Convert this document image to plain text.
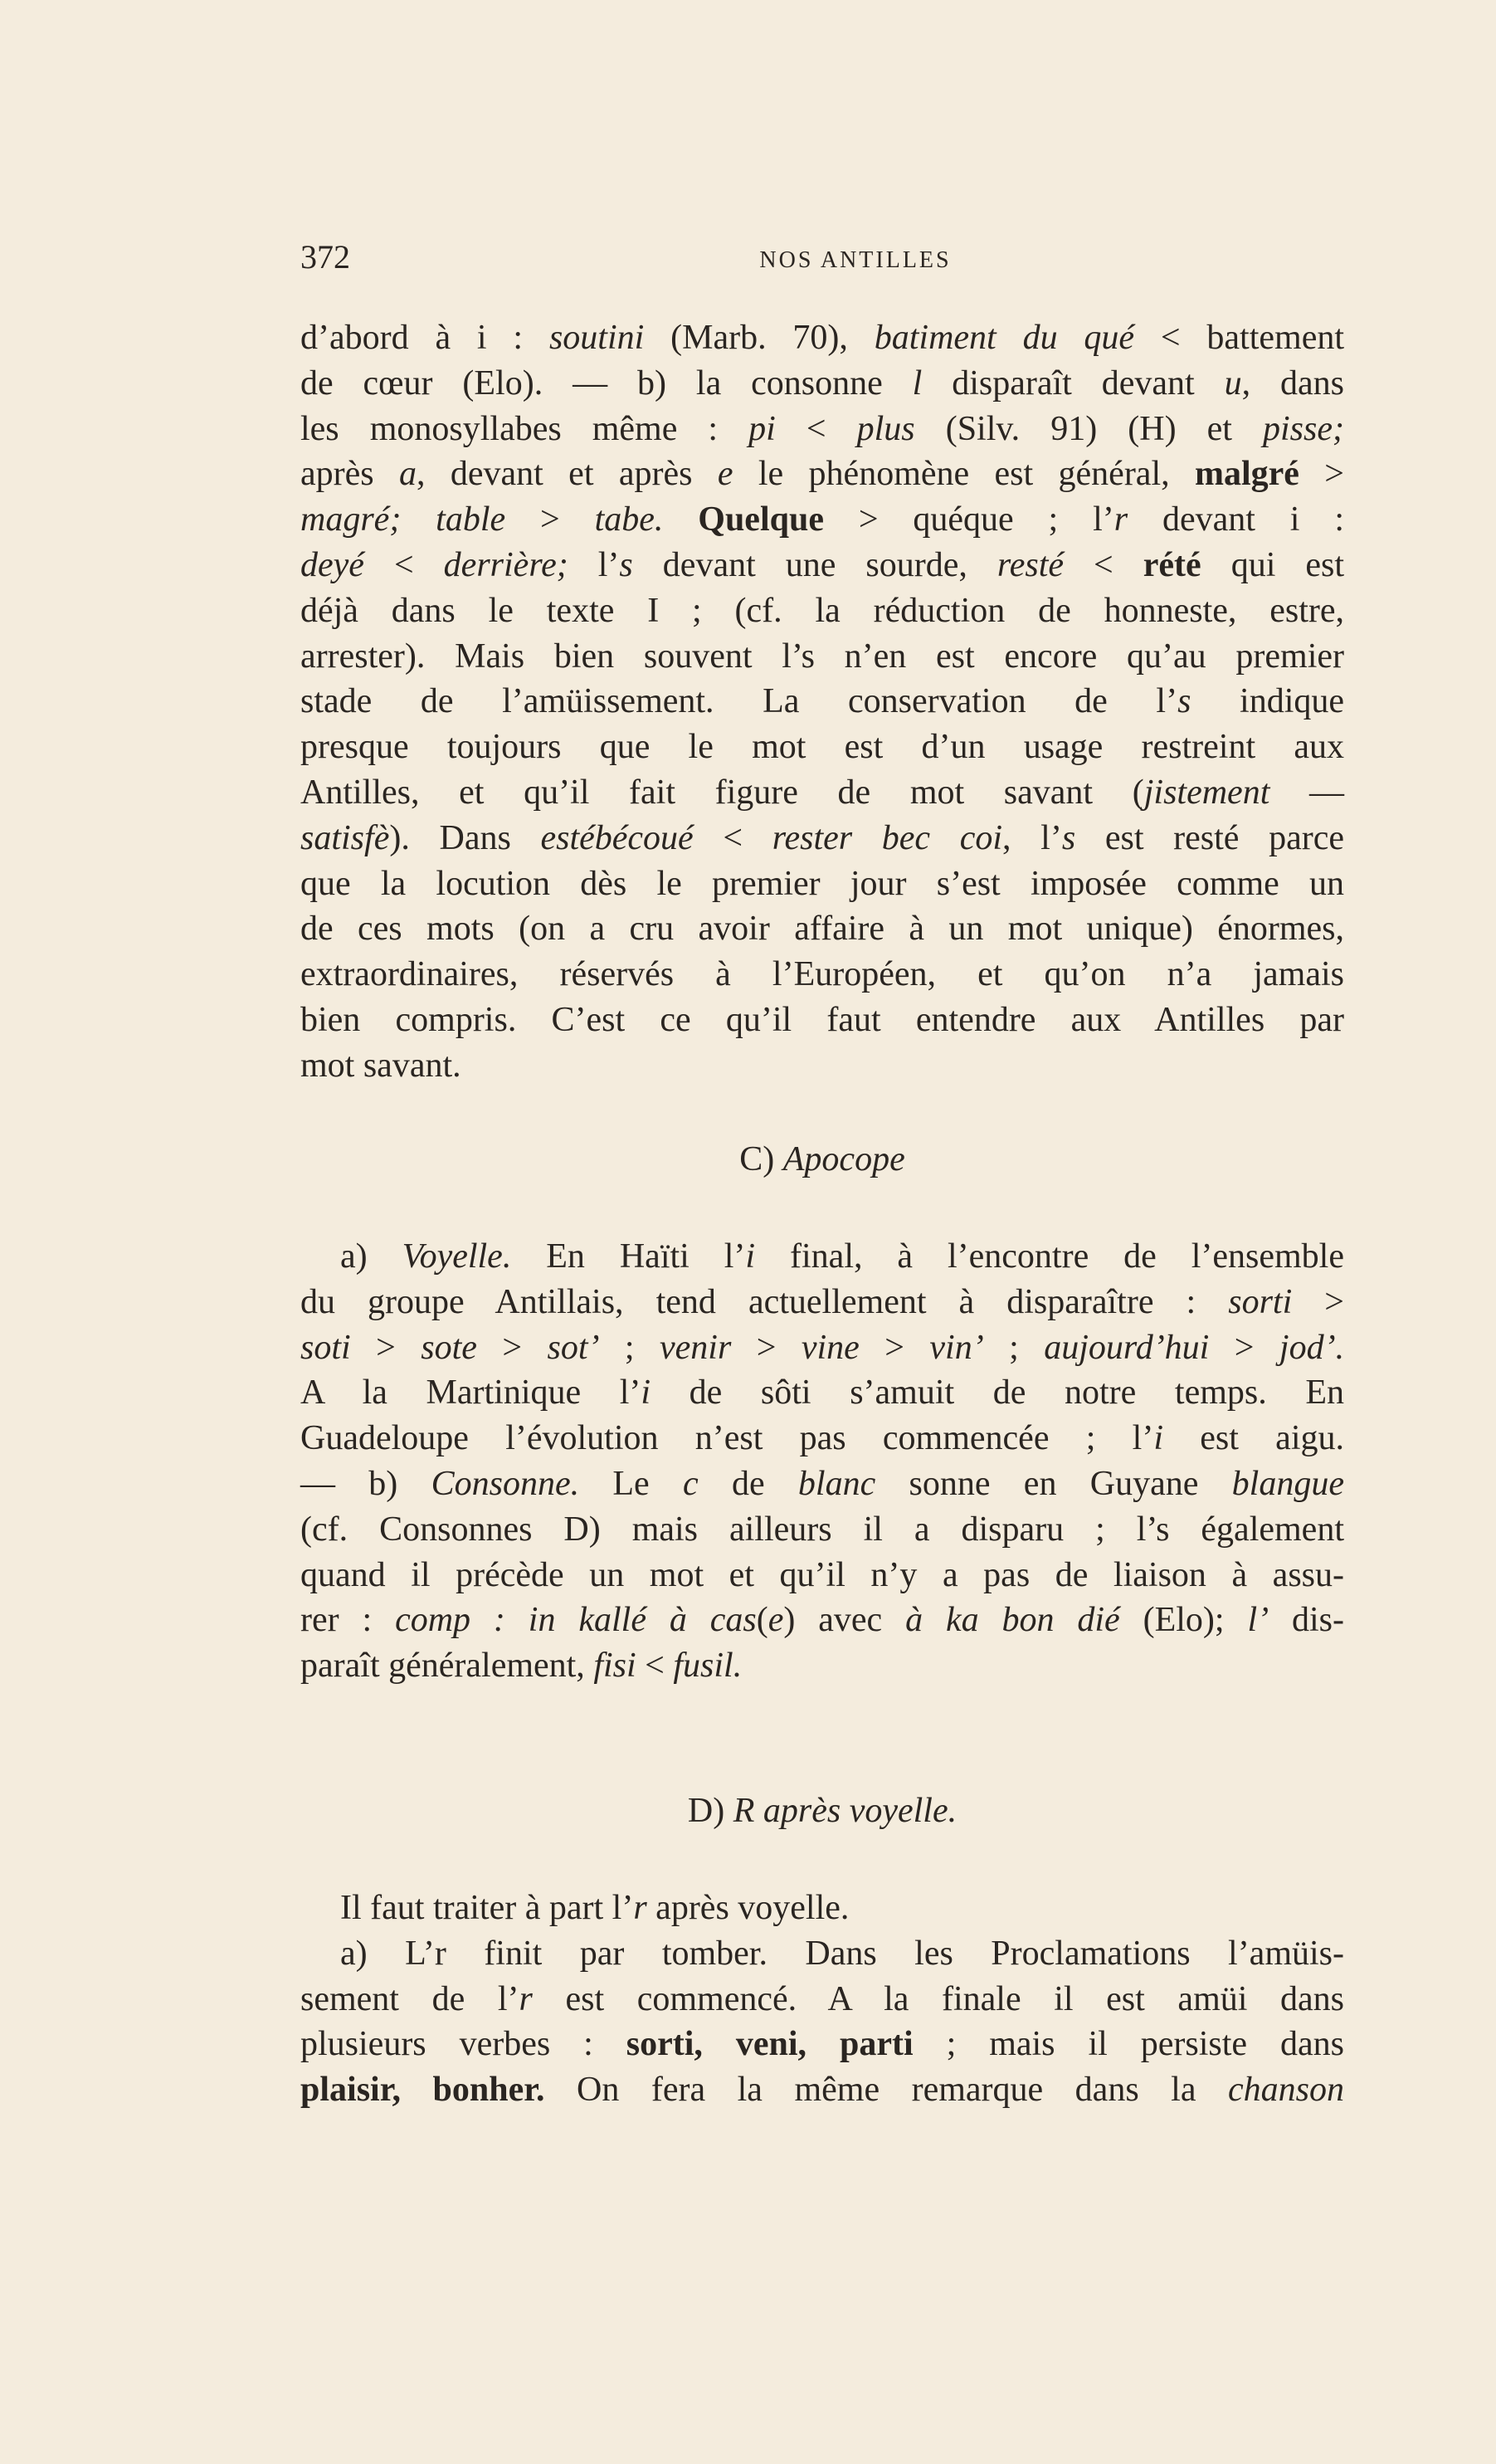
372	NOS ANTILLES
d’abord à i : soutini (Marb. 70), batiment du qué < battement
de cœur (Elo). — b) la consonne l disparaît devant u, dans
les monosyllabes même : pi < plus (Silv. 91) (H) et pisse;
après a, devant et après e le phénomène est général, malgré >
magré; table > tabe. Quelque > quéque ; l’r devant i :
deyé < derrière; l’s devant une sourde, resté < rété qui est
déjà dans le texte I ; (cf. la réduction de honneste, estre,
arrester). Mais bien souvent l’s n’en est encore qu’au premier
stade de l’amüissement. La conservation de l’s indique
presque toujours que le mot est d’un usage restreint aux
Antilles, et qu’il fait figure de mot savant (jistement —
satisfè). Dans estébécoué < rester bec coi, l’s est resté parce
que la locution dès le premier jour s’est imposée comme un
de ces mots (on a cru avoir affaire à un mot unique) énormes,
extraordinaires, réservés à l’Européen, et qu’on n’a jamais
bien compris. C’est ce qu’il faut entendre aux Antilles par
mot savant.
C) Apocope
a) Voyelle. En Haïti l’i final, à l’encontre de l’ensemble
du groupe Antillais, tend actuellement à disparaître : sorti >
soti > sote > sot’ ; venir > vine > vin’ ; aujourd’hui > jod’.
A la Martinique l’i de sôti s’amuit de notre temps. En
Guadeloupe l’évolution n’est pas commencée ; l’i est aigu.
— b) Consonne. Le c de blanc sonne en Guyane blangue
(cf. Consonnes D) mais ailleurs il a disparu ; l’s également
quand il précède un mot et qu’il n’y a pas de liaison à assu-
rer : comp : in kallé à cas(e) avec à ka bon dié (Elo); l’ dis-
paraît généralement, fisi < fusil.
D) R après voyelle.
Il faut traiter à part l’r après voyelle.
a) L’r finit par tomber. Dans les Proclamations l’amüis-
sement de l’r est commencé. A la finale il est amüi dans
plusieurs verbes : sorti, veni, parti ; mais il persiste dans
plaisir, bonher. On fera la même remarque dans la chanson
